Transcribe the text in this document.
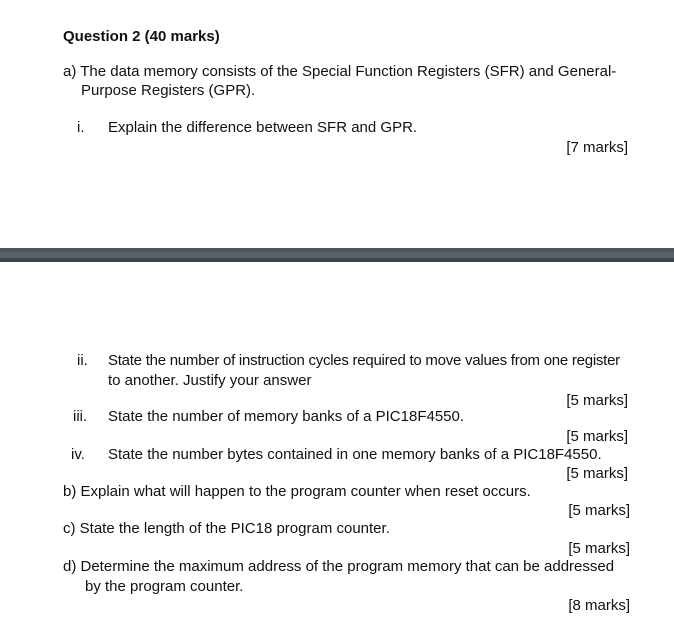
Question 2 (40 marks)
a) The data memory consists of the Special Function Registers (SFR) and General-
Purpose Registers (GPR).
i. Explain the difference between SFR and GPR.
[7 marks]
ii. State the number of instruction cycles required to move values from one register
to another. Justify your answer
[5 marks]
iii. State the number of memory banks of a PIC18F4550.
[5 marks]
iv. State the number bytes contained in one memory banks of a PIC18F4550.
[5 marks]
b) Explain what will happen to the program counter when reset occurs.
[5 marks]
c) State the length of the PIC18 program counter.
[5 marks]
d) Determine the maximum address of the program memory that can be addressed
by the program counter.
[8 marks]
